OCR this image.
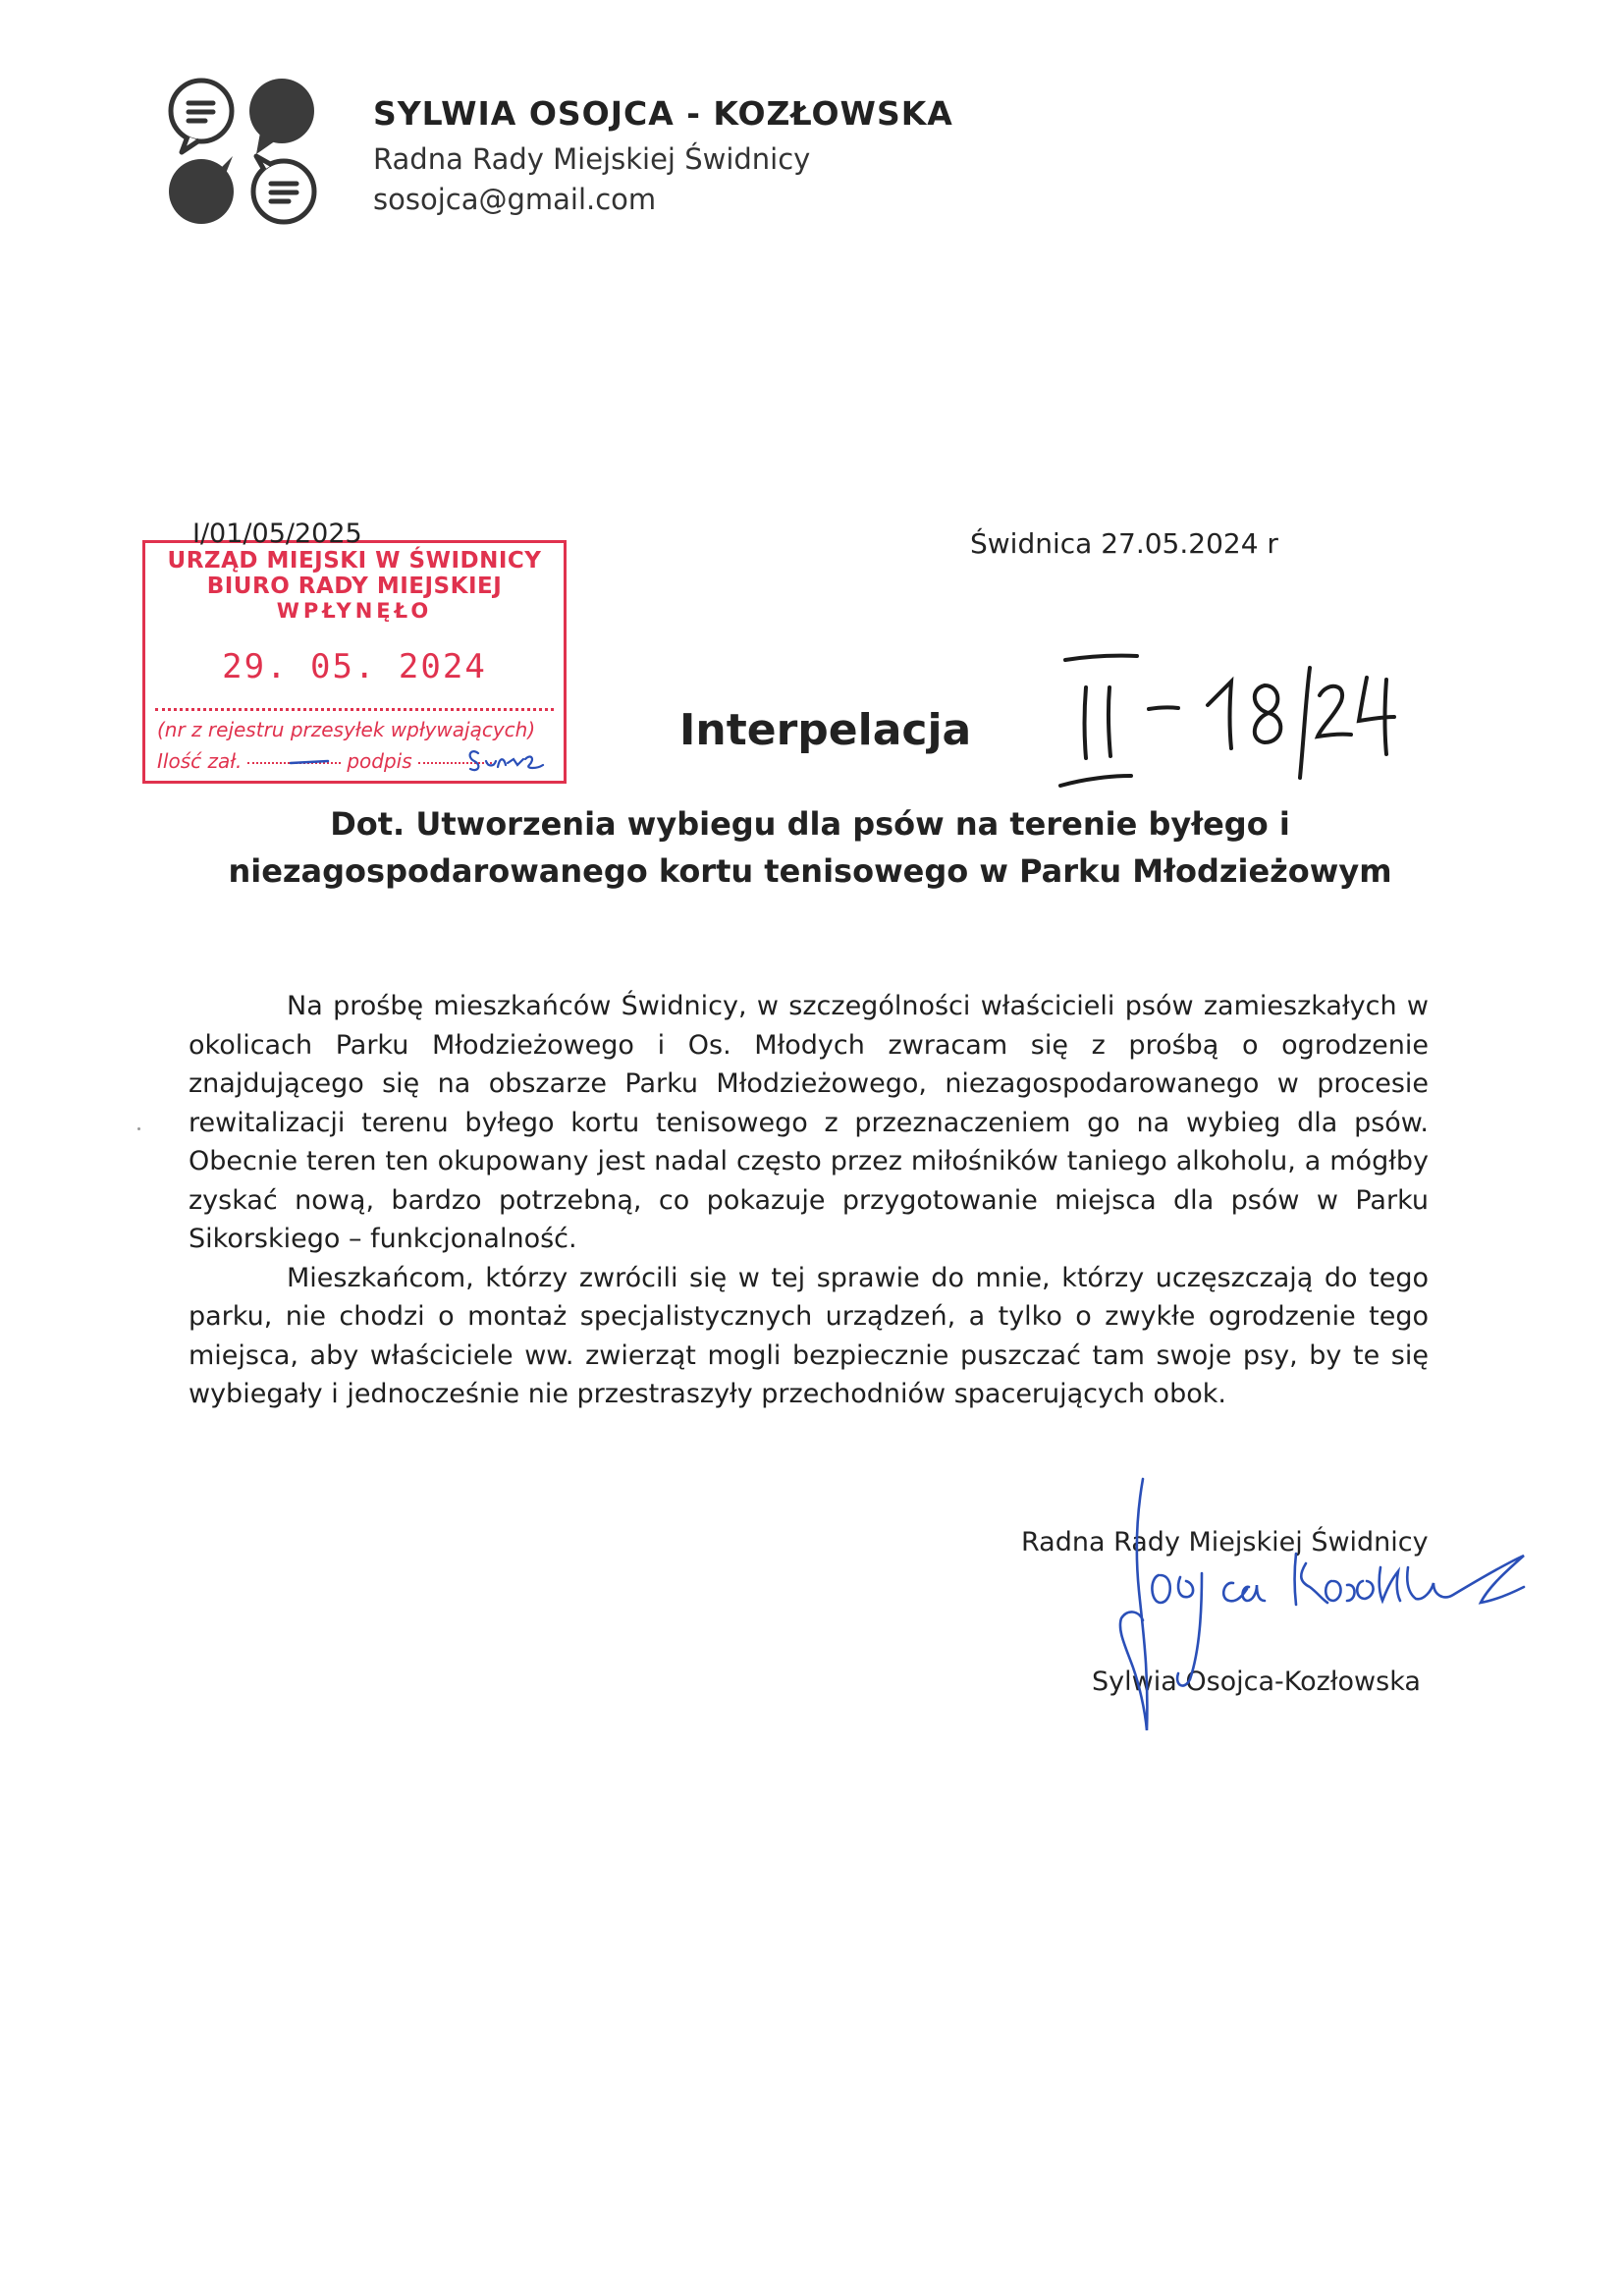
SYLWIA OSOJCA - KOZŁOWSKA
Radna Rady Miejskiej Świdnicy
sosojca@gmail.com
I/01/05/2025
URZĄD MIEJSKI W ŚWIDNICY
BIURO RADY MIEJSKIEJ
WPŁYNĘŁO
29. 05. 2024
(nr z rejestru przesyłek wpływających)
Ilość zał.	podpis
Świdnica 27.05.2024 r
Interpelacja
II - 18/24
Dot. Utworzenia wybiegu dla psów na terenie byłego i
niezagospodarowanego kortu tenisowego w Parku Młodzieżowym

Na prośbę mieszkańców Świdnicy, w szczególności właścicieli psów zamieszkałych w okolicach Parku Młodzieżowego i Os. Młodych zwracam się z prośbą o ogrodzenie znajdującego się na obszarze Parku Młodzieżowego, niezagospodarowanego w procesie rewitalizacji terenu byłego kortu tenisowego z przeznaczeniem go na wybieg dla psów. Obecnie teren ten okupowany jest nadal często przez miłośników taniego alkoholu, a mógłby zyskać nową, bardzo potrzebną, co pokazuje przygotowanie miejsca dla psów w Parku Sikorskiego – funkcjonalność.

Mieszkańcom, którzy zwrócili się w tej sprawie do mnie, którzy uczęszczają do tego parku, nie chodzi o montaż specjalistycznych urządzeń, a tylko o zwykłe ogrodzenie tego miejsca, aby właściciele ww. zwierząt mogli bezpiecznie puszczać tam swoje psy, by te się wybiegały i jednocześnie nie przestraszyły przechodniów spacerujących obok.

Radna Rady Miejskiej Świdnicy
Sylwia Osojca-Kozłowska
